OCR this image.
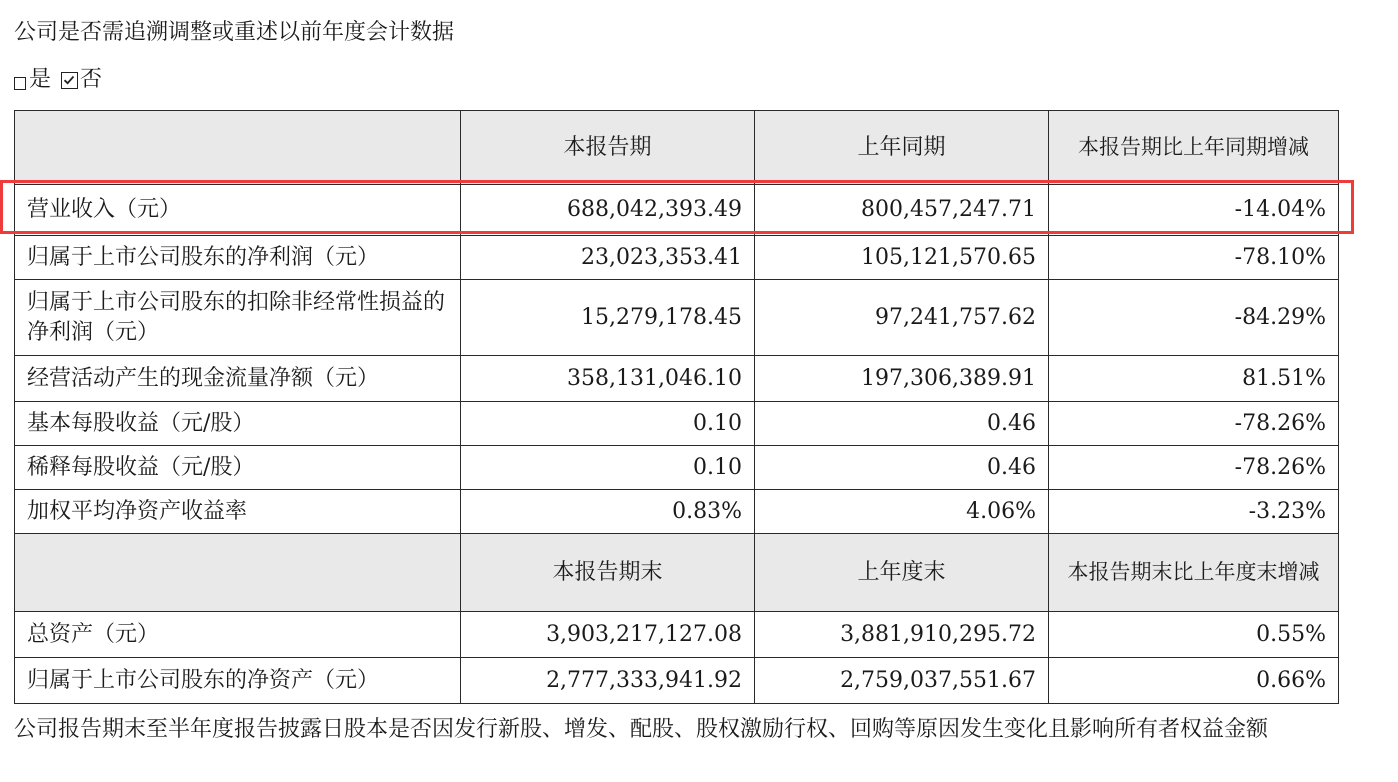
公司是否需追溯调整或重述以前年度会计数据
是 否
	本报告期	上年同期	本报告期比上年同期增减
营业收入（元）	688,042,393.49	800,457,247.71	-14.04%
归属于上市公司股东的净利润（元）	23,023,353.41	105,121,570.65	-78.10%
归属于上市公司股东的扣除非经常性损益的净利润（元）	15,279,178.45	97,241,757.62	-84.29%
经营活动产生的现金流量净额（元）	358,131,046.10	197,306,389.91	81.51%
基本每股收益（元/股）	0.10	0.46	-78.26%
稀释每股收益（元/股）	0.10	0.46	-78.26%
加权平均净资产收益率	0.83%	4.06%	-3.23%
	本报告期末	上年度末	本报告期末比上年度末增减
总资产（元）	3,903,217,127.08	3,881,910,295.72	0.55%
归属于上市公司股东的净资产（元）	2,777,333,941.92	2,759,037,551.67	0.66%
公司报告期末至半年度报告披露日股本是否因发行新股、增发、配股、股权激励行权、回购等原因发生变化且影响所有者权益金额
